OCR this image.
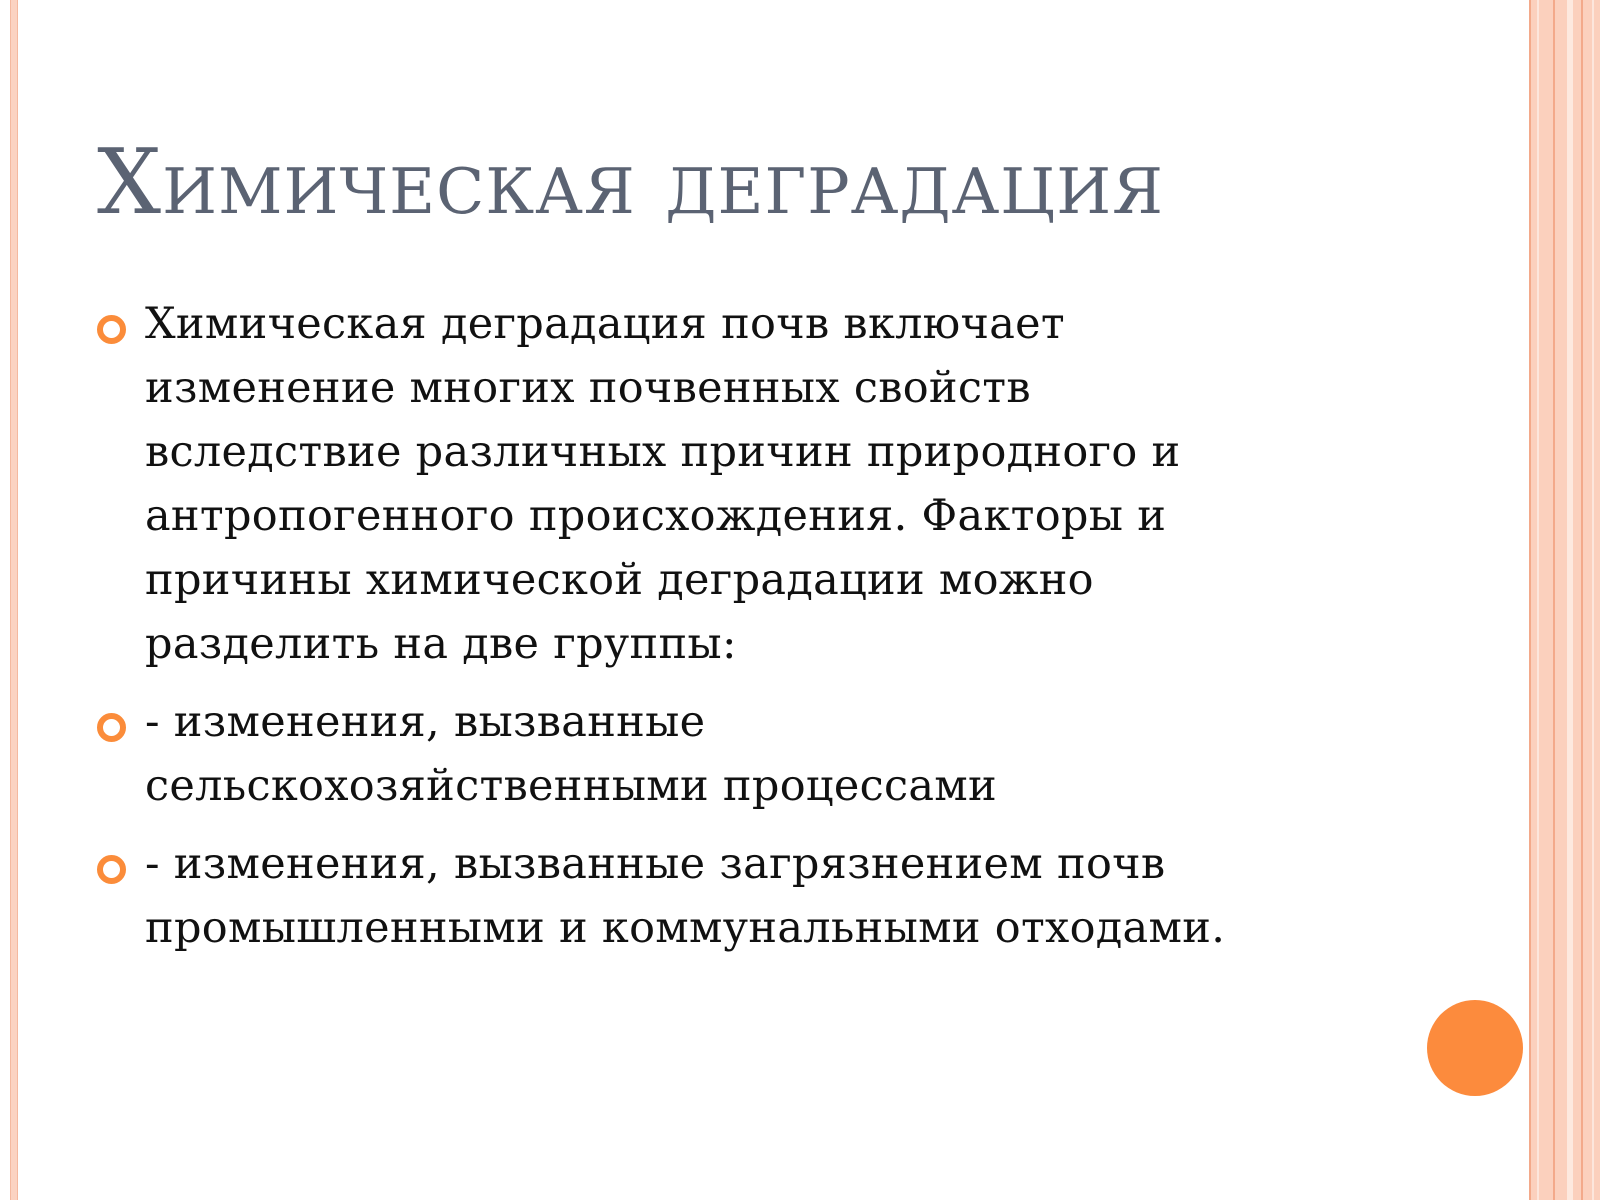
Химическая деградация
Химическая деградация почв включает
изменение многих почвенных свойств
вследствие различных причин природного и
антропогенного происхождения. Факторы и
причины химической деградации можно
разделить на две группы:
- изменения, вызванные
сельскохозяйственными процессами
- изменения, вызванные загрязнением почв
промышленными и коммунальными отходами.
